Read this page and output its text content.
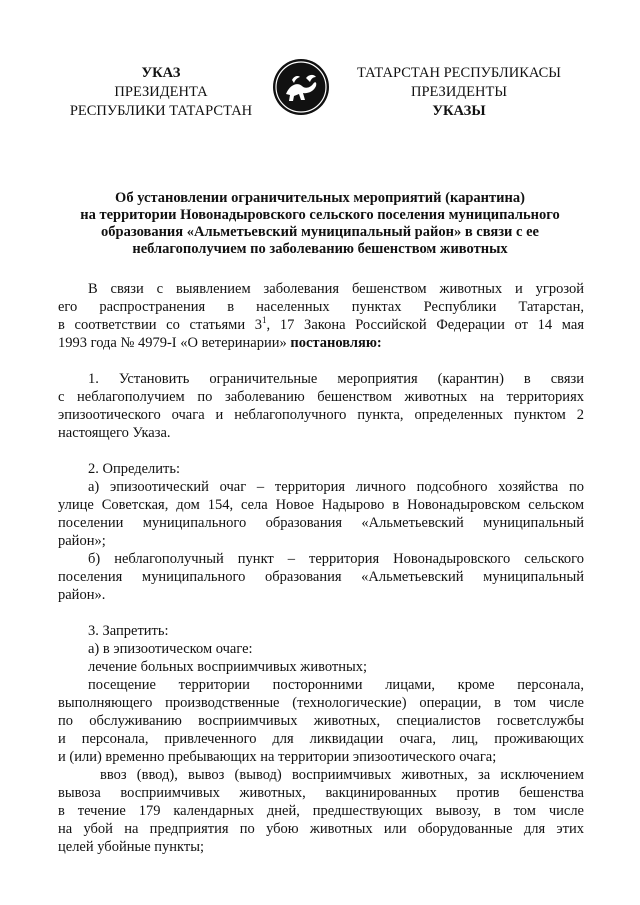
УКАЗ
ПРЕЗИДЕНТА
РЕСПУБЛИКИ ТАТАРСТАН
ТАТАРСТАН РЕСПУБЛИКАСЫ
ПРЕЗИДЕНТЫ
УКАЗЫ
Об установлении ограничительных мероприятий (карантина)
на территории Новонадыровского сельского поселения муниципального
образования «Альметьевский муниципальный район» в связи с ее
неблагополучием по заболеванию бешенством животных
В связи с выявлением заболевания бешенством животных и угрозой
его распространения в населенных пунктах Республики Татарстан,
в соответствии со статьями $3^1$, 17 Закона Российской Федерации от 14 мая
1993 года № 4979-I «О ветеринарии» постановляю:
1. Установить ограничительные мероприятия (карантин) в связи
с неблагополучием по заболеванию бешенством животных на территориях
эпизоотического очага и неблагополучного пункта, определенных пунктом 2
настоящего Указа.
2. Определить:
а) эпизоотический очаг – территория личного подсобного хозяйства по
улице Советская, дом 154, села Новое Надырово в Новонадыровском сельском
поселении муниципального образования «Альметьевский муниципальный
район»;
б) неблагополучный пункт – территория Новонадыровского сельского
поселения муниципального образования «Альметьевский муниципальный
район».
3. Запретить:
а) в эпизоотическом очаге:
лечение больных восприимчивых животных;
посещение территории посторонними лицами, кроме персонала,
выполняющего производственные (технологические) операции, в том числе
по обслуживанию восприимчивых животных, специалистов госветслужбы
и персонала, привлеченного для ликвидации очага, лиц, проживающих
и (или) временно пребывающих на территории эпизоотического очага;
ввоз (ввод), вывоз (вывод) восприимчивых животных, за исключением
вывоза восприимчивых животных, вакцинированных против бешенства
в течение 179 календарных дней, предшествующих вывозу, в том числе
на убой на предприятия по убою животных или оборудованные для этих
целей убойные пункты;
